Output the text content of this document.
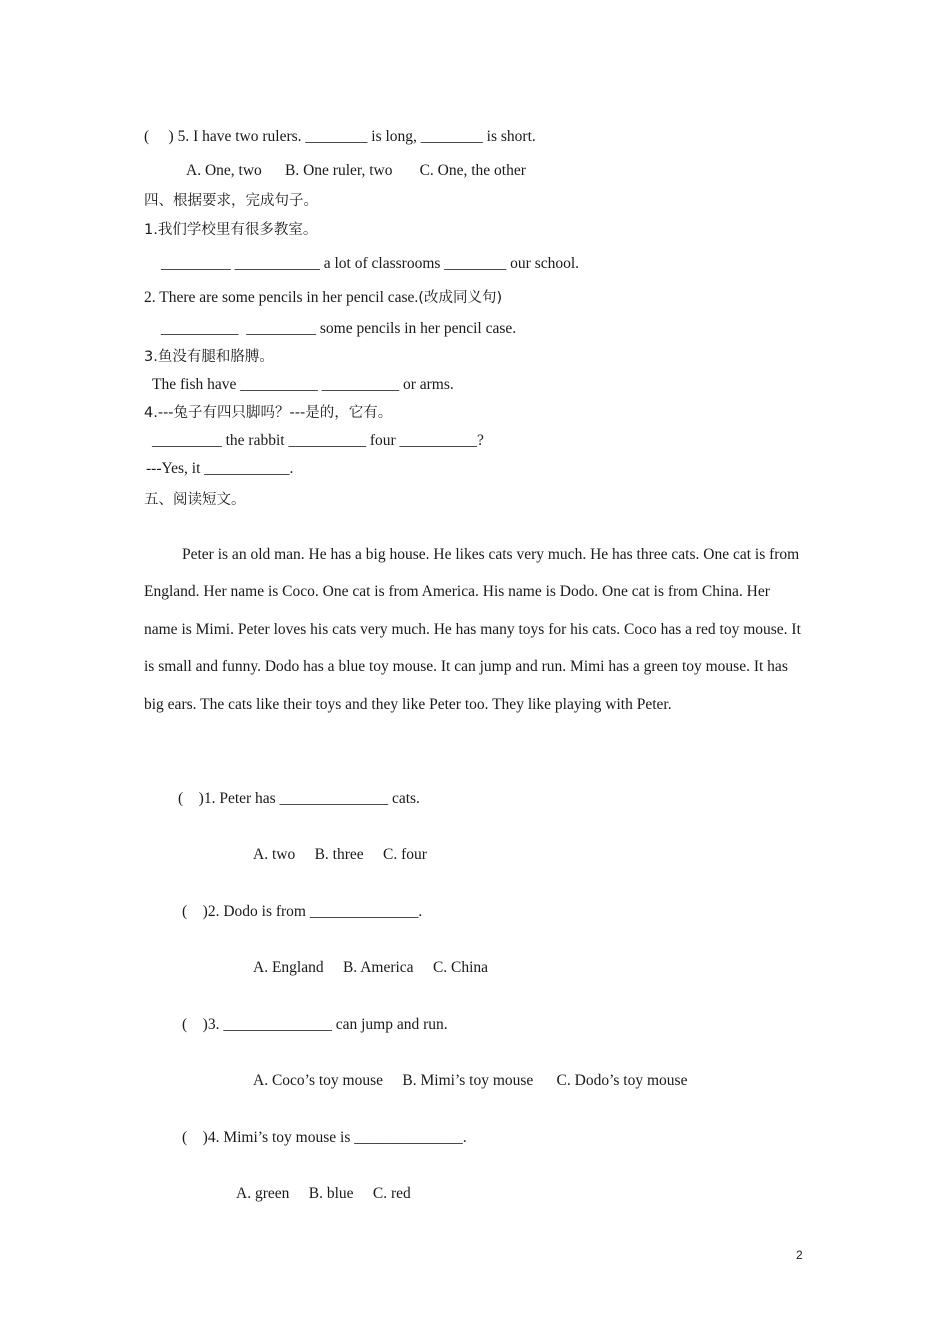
(     ) 5. I have two rulers. ________ is long, ________ is short.
A. One, two      B. One ruler, two       C. One, the other
四、根据要求，完成句子。
1.我们学校里有很多教室。
_________ ___________ a lot of classrooms ________ our school.
2. There are some pencils in her pencil case.(改成同义句)
__________  _________ some pencils in her pencil case.
3.鱼没有腿和胳膊。
The fish have __________ __________ or arms.
4.---兔子有四只脚吗？---是的，它有。
_________ the rabbit __________ four __________?
---Yes, it ___________.
五、阅读短文。

Peter is an old man. He has a big house. He likes cats very much. He has three cats. One cat is from England. Her name is Coco. One cat is from America. His name is Dodo. One cat is from China. Her name is Mimi. Peter loves his cats very much. He has many toys for his cats. Coco has a red toy mouse. It is small and funny. Dodo has a blue toy mouse. It can jump and run. Mimi has a green toy mouse. It has big ears. The cats like their toys and they like Peter too. They like playing with Peter.

(    )1. Peter has ______________ cats.
A. two     B. three     C. four
(    )2. Dodo is from ______________.
A. England     B. America     C. China
(    )3. ______________ can jump and run.
A. Coco’s toy mouse     B. Mimi’s toy mouse      C. Dodo’s toy mouse
(    )4. Mimi’s toy mouse is ______________.
A. green     B. blue     C. red
2
